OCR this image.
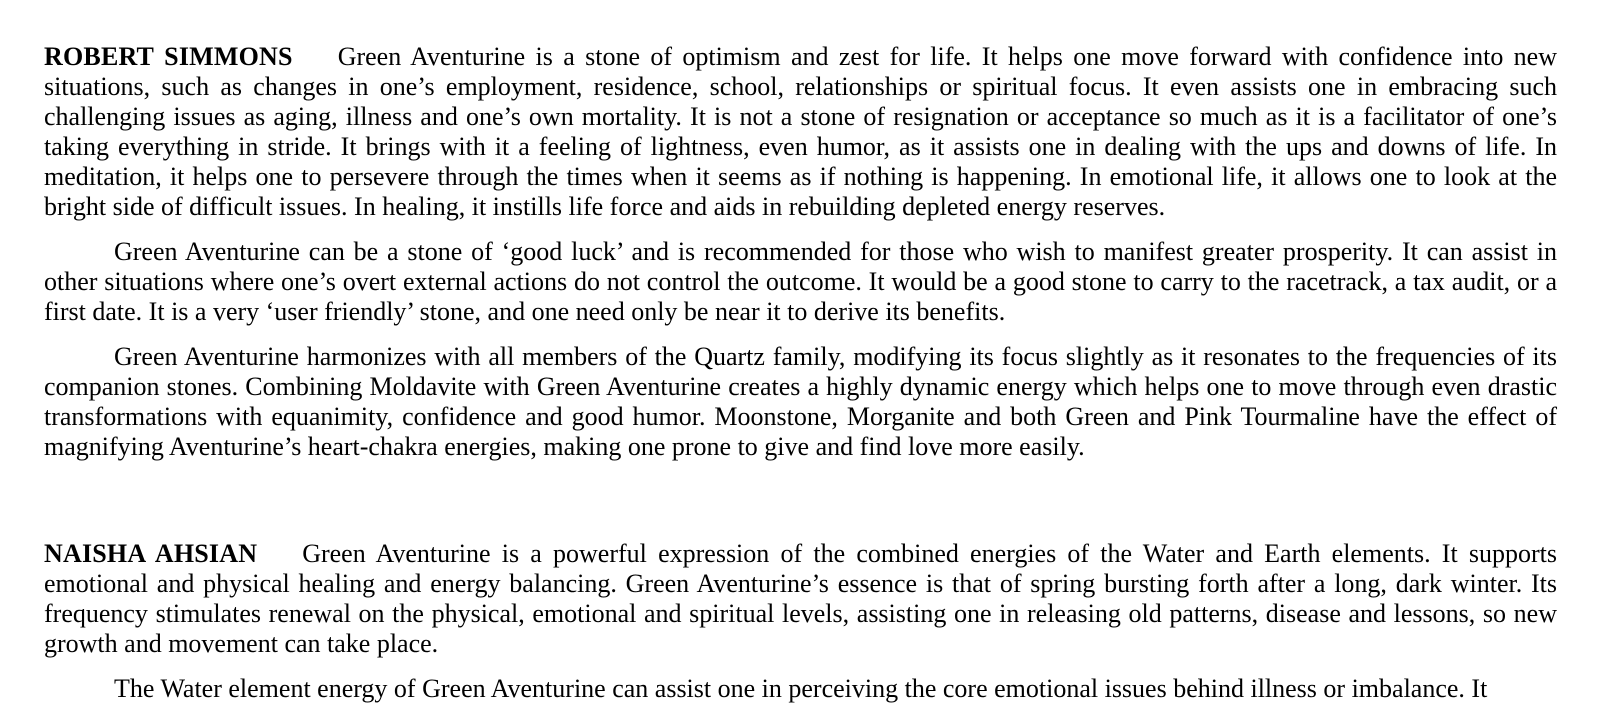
ROBERT SIMMONS Green Aventurine is a stone of optimism and zest for life. It helps one move forward with confidence into new situations, such as changes in one’s employment, residence, school, relationships or spiritual focus. It even assists one in embracing such challenging issues as aging, illness and one’s own mortality. It is not a stone of resignation or acceptance so much as it is a facilitator of one’s taking everything in stride. It brings with it a feeling of lightness, even humor, as it assists one in dealing with the ups and downs of life. In meditation, it helps one to persevere through the times when it seems as if nothing is happening. In emotional life, it allows one to look at the bright side of difficult issues. In healing, it instills life force and aids in rebuilding depleted energy reserves.

Green Aventurine can be a stone of ‘good luck’ and is recommended for those who wish to manifest greater prosperity. It can assist in other situations where one’s overt external actions do not control the outcome. It would be a good stone to carry to the racetrack, a tax audit, or a first date. It is a very ‘user friendly’ stone, and one need only be near it to derive its benefits.

Green Aventurine harmonizes with all members of the Quartz family, modifying its focus slightly as it resonates to the frequencies of its companion stones. Combining Moldavite with Green Aventurine creates a highly dynamic energy which helps one to move through even drastic transformations with equanimity, confidence and good humor. Moonstone, Morganite and both Green and Pink Tourmaline have the effect of magnifying Aventurine’s heart-chakra energies, making one prone to give and find love more easily.

NAISHA AHSIAN Green Aventurine is a powerful expression of the combined energies of the Water and Earth elements. It supports emotional and physical healing and energy balancing. Green Aventurine’s essence is that of spring bursting forth after a long, dark winter. Its frequency stimulates renewal on the physical, emotional and spiritual levels, assisting one in releasing old patterns, disease and lessons, so new growth and movement can take place.

The Water element energy of Green Aventurine can assist one in perceiving the core emotional issues behind illness or imbalance. It
